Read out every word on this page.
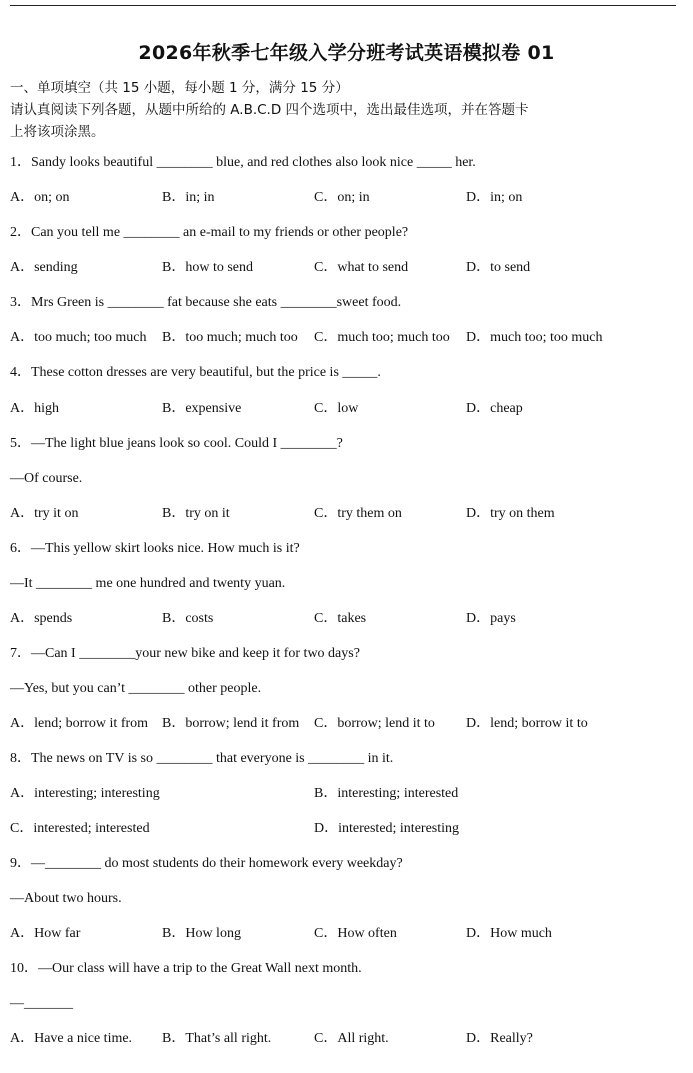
2026年秋季七年级入学分班考试英语模拟卷 01
一、单项填空（共 15 小题，每小题 1 分，满分 15 分）
请认真阅读下列各题，从题中所给的 A.B.C.D 四个选项中，选出最佳选项，并在答题卡
上将该项涂黑。
1．Sandy looks beautiful ________ blue, and red clothes also look nice _____ her.
A．on; on	B．in; in	C．on; in	D．in; on
2．Can you tell me ________ an e-mail to my friends or other people?
A．sending	B．how to send	C．what to send	D．to send
3．Mrs Green is ________ fat because she eats ________sweet food.
A．too much; too much B．too much; much too C．much too; much too D．much too; too much
4．These cotton dresses are very beautiful, but the price is _____.
A．high	B．expensive	C．low	D．cheap
5．—The light blue jeans look so cool. Could I ________?
—Of course.
A．try it on	B．try on it	C．try them on	D．try on them
6．—This yellow skirt looks nice. How much is it?
—It ________ me one hundred and twenty yuan.
A．spends	B．costs	C．takes	D．pays
7．—Can I ________your new bike and keep it for two days?
—Yes, but you can’t ________ other people.
A．lend; borrow it from B．borrow; lend it from C．borrow; lend it to D．lend; borrow it to
8．The news on TV is so ________ that everyone is ________ in it.
A．interesting; interesting	B．interesting; interested
C．interested; interested	D．interested; interesting
9．—________ do most students do their homework every weekday?
—About two hours.
A．How far	B．How long	C．How often	D．How much
10．—Our class will have a trip to the Great Wall next month.
—_______
A．Have a nice time. B．That’s all right.	C．All right.	D．Really?
